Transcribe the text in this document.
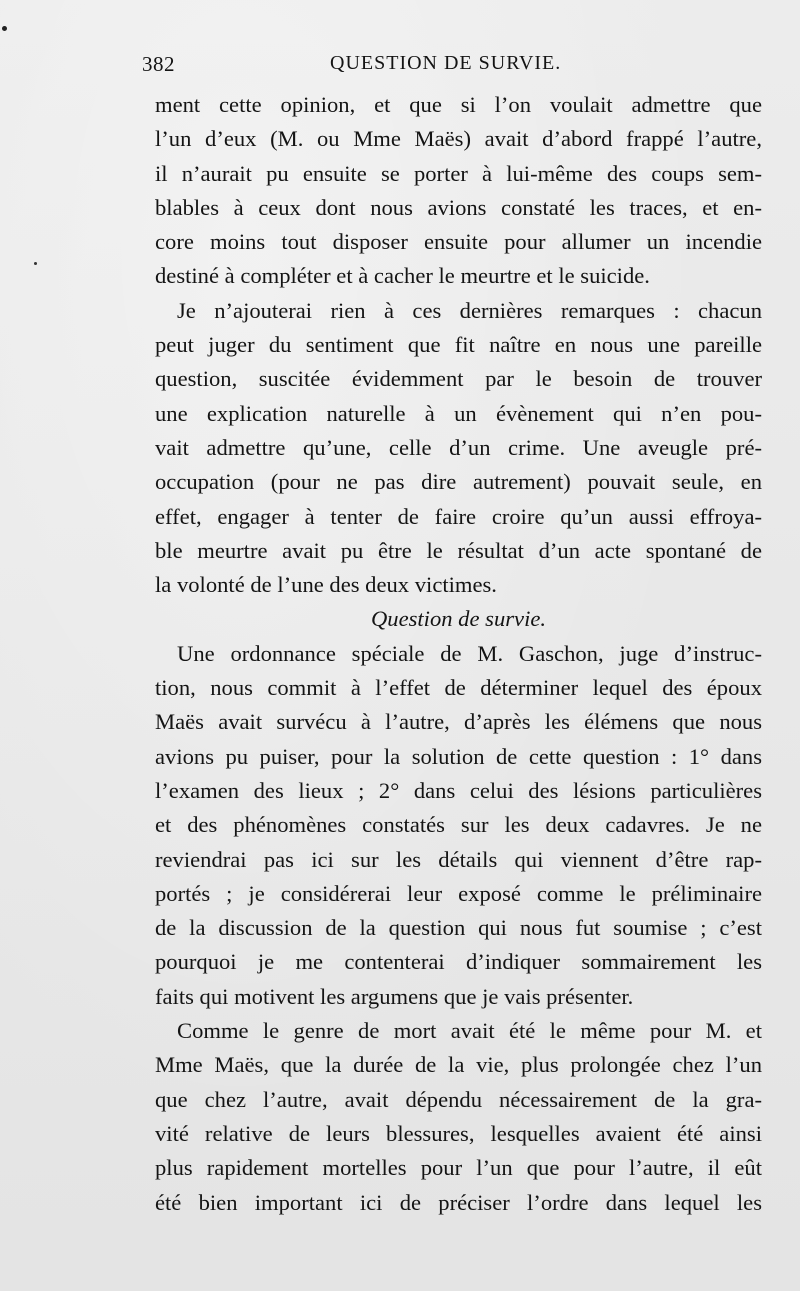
382	QUESTION DE SURVIE.
ment cette opinion, et que si l’on voulait admettre que
l’un d’eux (M. ou Mme Maës) avait d’abord frappé l’autre,
il n’aurait pu ensuite se porter à lui-même des coups sem-
blables à ceux dont nous avions constaté les traces, et en-
core moins tout disposer ensuite pour allumer un incendie
destiné à compléter et à cacher le meurtre et le suicide.
Je n’ajouterai rien à ces dernières remarques : chacun
peut juger du sentiment que fit naître en nous une pareille
question, suscitée évidemment par le besoin de trouver
une explication naturelle à un évènement qui n’en pou-
vait admettre qu’une, celle d’un crime. Une aveugle pré-
occupation (pour ne pas dire autrement) pouvait seule, en
effet, engager à tenter de faire croire qu’un aussi effroya-
ble meurtre avait pu être le résultat d’un acte spontané de
la volonté de l’une des deux victimes.
Question de survie.
Une ordonnance spéciale de M. Gaschon, juge d’instruc-
tion, nous commit à l’effet de déterminer lequel des époux
Maës avait survécu à l’autre, d’après les élémens que nous
avions pu puiser, pour la solution de cette question : 1° dans
l’examen des lieux ; 2° dans celui des lésions particulières
et des phénomènes constatés sur les deux cadavres. Je ne
reviendrai pas ici sur les détails qui viennent d’être rap-
portés ; je considérerai leur exposé comme le préliminaire
de la discussion de la question qui nous fut soumise ; c’est
pourquoi je me contenterai d’indiquer sommairement les
faits qui motivent les argumens que je vais présenter.
Comme le genre de mort avait été le même pour M. et
Mme Maës, que la durée de la vie, plus prolongée chez l’un
que chez l’autre, avait dépendu nécessairement de la gra-
vité relative de leurs blessures, lesquelles avaient été ainsi
plus rapidement mortelles pour l’un que pour l’autre, il eût
été bien important ici de préciser l’ordre dans lequel les
